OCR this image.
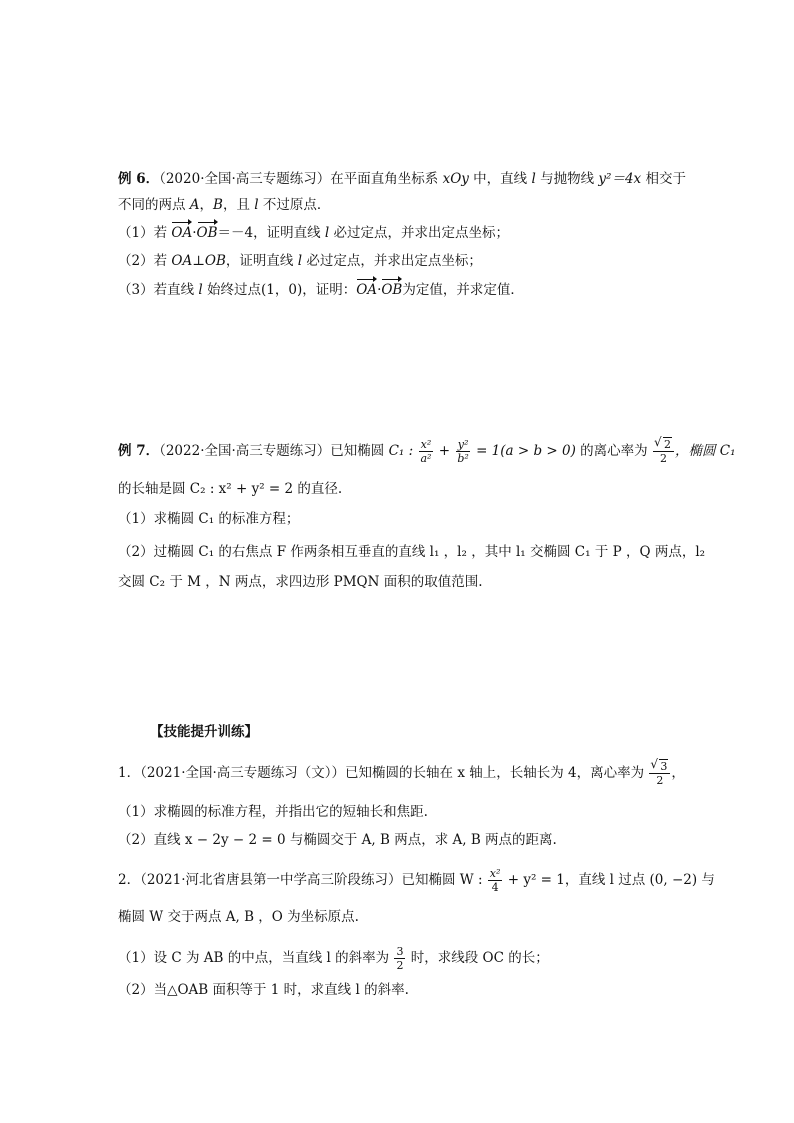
例 6．（2020·全国·高三专题练习）在平面直角坐标系 xOy 中，直线 l 与抛物线 y²＝4x 相交于
不同的两点 A，B，且 l 不过原点．
（1）若 OA·OB＝－4，证明直线 l 必过定点，并求出定点坐标；
（2）若 OA⊥OB，证明直线 l 必过定点，并求出定点坐标；
（3）若直线 l 始终过点(1，0)，证明：OA·OB为定值，并求定值．
例 7．（2022·全国·高三专题练习）已知椭圆 C₁ : $\frac{\text{x²}}{\text{a²}} + \frac{\text{y²}}{\text{b²}} = 1(a > b > 0)$ 的离心率为 √ $\frac{2}{2}$ ，椭圆 C₁
的长轴是圆 C₂ : x² + y² = 2 的直径.
（1）求椭圆 C₁ 的标准方程；
（2）过椭圆 C₁ 的右焦点 F 作两条相互垂直的直线 l₁ ，l₂ ，其中 l₁ 交椭圆 C₁ 于 P ，Q 两点，l₂
交圆 C₂ 于 M ，N 两点，求四边形 PMQN 面积的取值范围.
【技能提升训练】
1．（2021·全国·高三专题练习（文））已知椭圆的长轴在 x 轴上，长轴长为 4，离心率为 √ $\frac{3}{2}$ ，
（1）求椭圆的标准方程，并指出它的短轴长和焦距.
（2）直线 x − 2y − 2 = 0 与椭圆交于 A, B 两点，求 A, B 两点的距离.
2．（2021·河北省唐县第一中学高三阶段练习）已知椭圆 W : $\frac{\text{x²}}{4} + y^2 = 1$，直线 l 过点 (0, −2) 与
椭圆 W 交于两点 A, B ，O 为坐标原点.
（1）设 C 为 AB 的中点，当直线 l 的斜率为 $\frac{3}{2}$ 时，求线段 OC 的长；
（2）当△OAB 面积等于 1 时，求直线 l 的斜率.
